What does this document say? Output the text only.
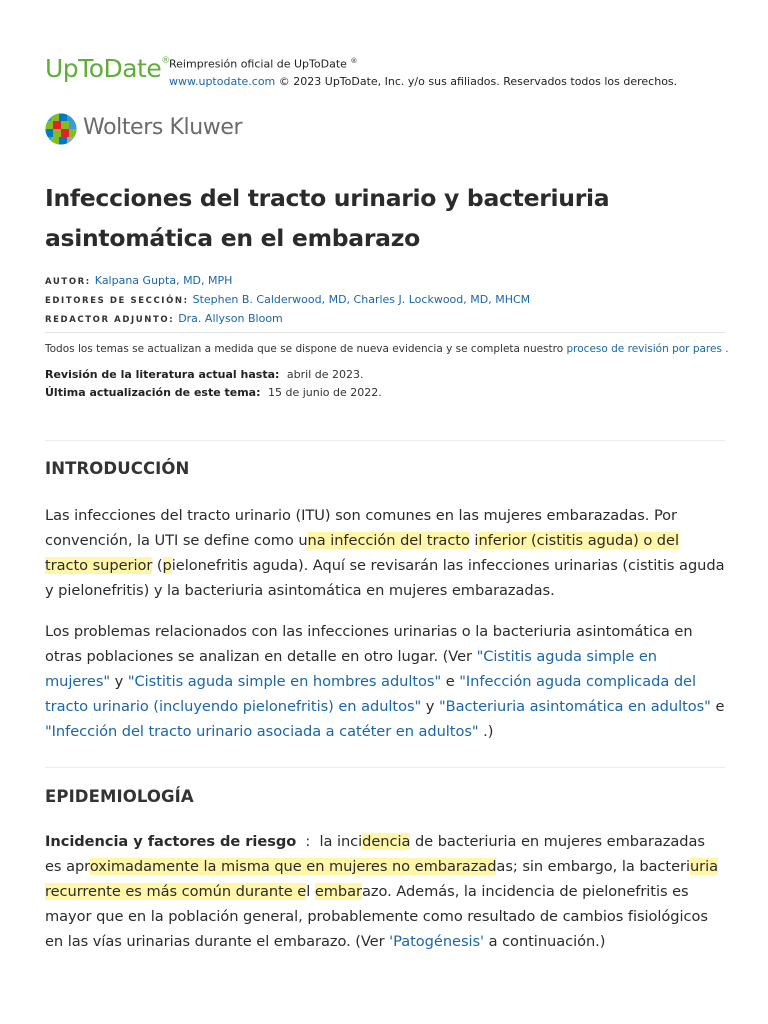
UpToDate® Reimpresión oficial de UpToDate ®
www.uptodate.com © 2023 UpToDate, Inc. y/o sus afiliados. Reservados todos los derechos.
Wolters Kluwer
Infecciones del tracto urinario y bacteriuria asintomática en el embarazo
AUTOR: Kalpana Gupta, MD, MPH
EDITORES DE SECCIÓN: Stephen B. Calderwood, MD, Charles J. Lockwood, MD, MHCM
REDACTOR ADJUNTO: Dra. Allyson Bloom
Todos los temas se actualizan a medida que se dispone de nueva evidencia y se completa nuestro proceso de revisión por pares .
Revisión de la literatura actual hasta: abril de 2023.
Última actualización de este tema: 15 de junio de 2022.
INTRODUCCIÓN

Las infecciones del tracto urinario (ITU) son comunes en las mujeres embarazadas. Por convención, la UTI se define como una infección del tracto inferior (cistitis aguda) o del tracto superior (pielonefritis aguda). Aquí se revisarán las infecciones urinarias (cistitis aguda y pielonefritis) y la bacteriuria asintomática en mujeres embarazadas.

Los problemas relacionados con las infecciones urinarias o la bacteriuria asintomática en otras poblaciones se analizan en detalle en otro lugar. (Ver "Cistitis aguda simple en mujeres" y "Cistitis aguda simple en hombres adultos" e "Infección aguda complicada del tracto urinario (incluyendo pielonefritis) en adultos" y "Bacteriuria asintomática en adultos" e "Infección del tracto urinario asociada a catéter en adultos" .)

EPIDEMIOLOGÍA

Incidencia y factores de riesgo : la incidencia de bacteriuria en mujeres embarazadas es aproximadamente la misma que en mujeres no embarazadas; sin embargo, la bacteriuria recurrente es más común durante el embarazo. Además, la incidencia de pielonefritis es mayor que en la población general, probablemente como resultado de cambios fisiológicos en las vías urinarias durante el embarazo. (Ver 'Patogénesis' a continuación.)
